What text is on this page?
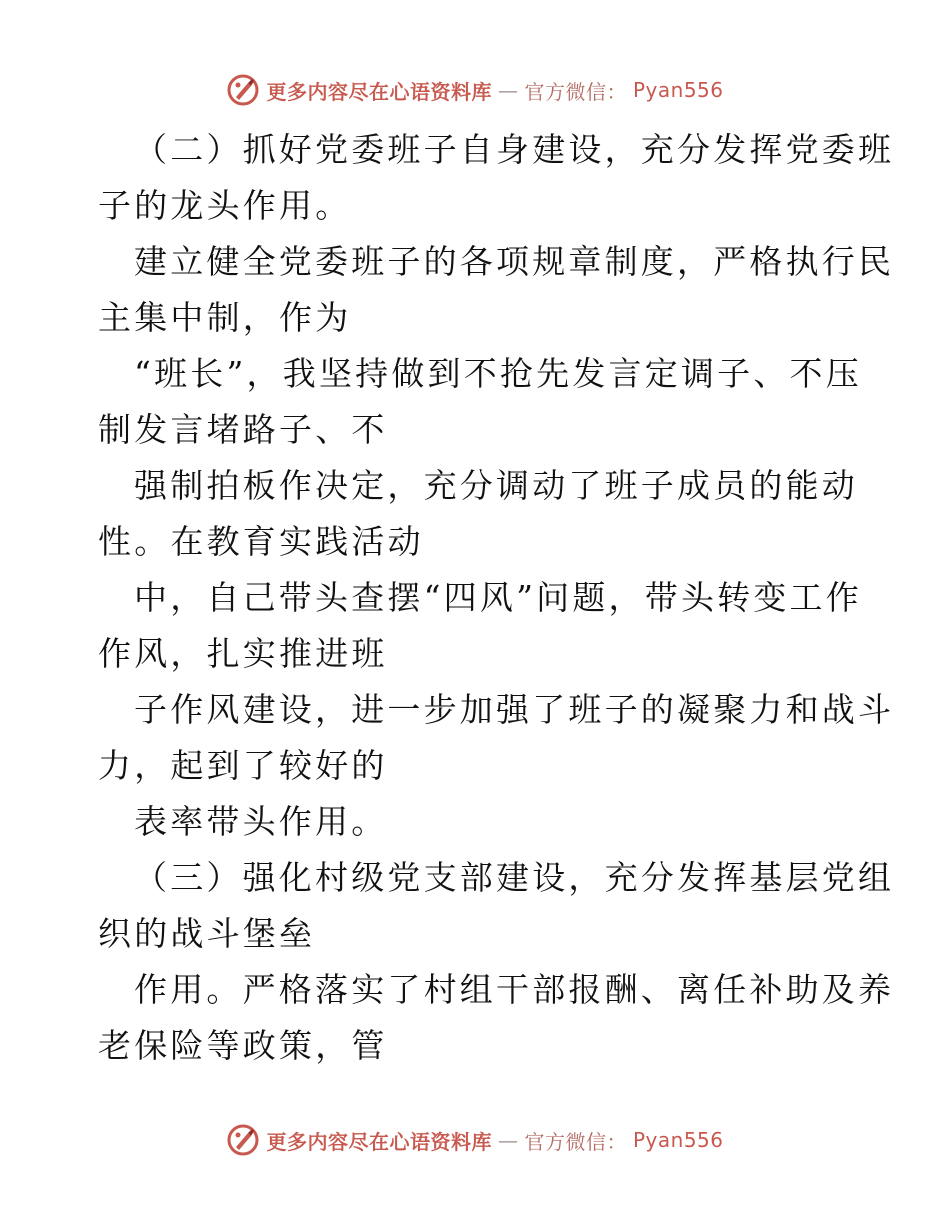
更多内容尽在心语资料库 — 官方微信： Pyan556
（二）抓好党委班子自身建设，充分发挥党委班
子的龙头作用。
建立健全党委班子的各项规章制度，严格执行民
主集中制，作为
“班长”，我坚持做到不抢先发言定调子、不压
制发言堵路子、不
强制拍板作决定，充分调动了班子成员的能动
性。在教育实践活动
中，自己带头查摆“四风”问题，带头转变工作
作风，扎实推进班
子作风建设，进一步加强了班子的凝聚力和战斗
力，起到了较好的
表率带头作用。
（三）强化村级党支部建设，充分发挥基层党组
织的战斗堡垒
作用。严格落实了村组干部报酬、离任补助及养
老保险等政策，管
更多内容尽在心语资料库 — 官方微信： Pyan556
